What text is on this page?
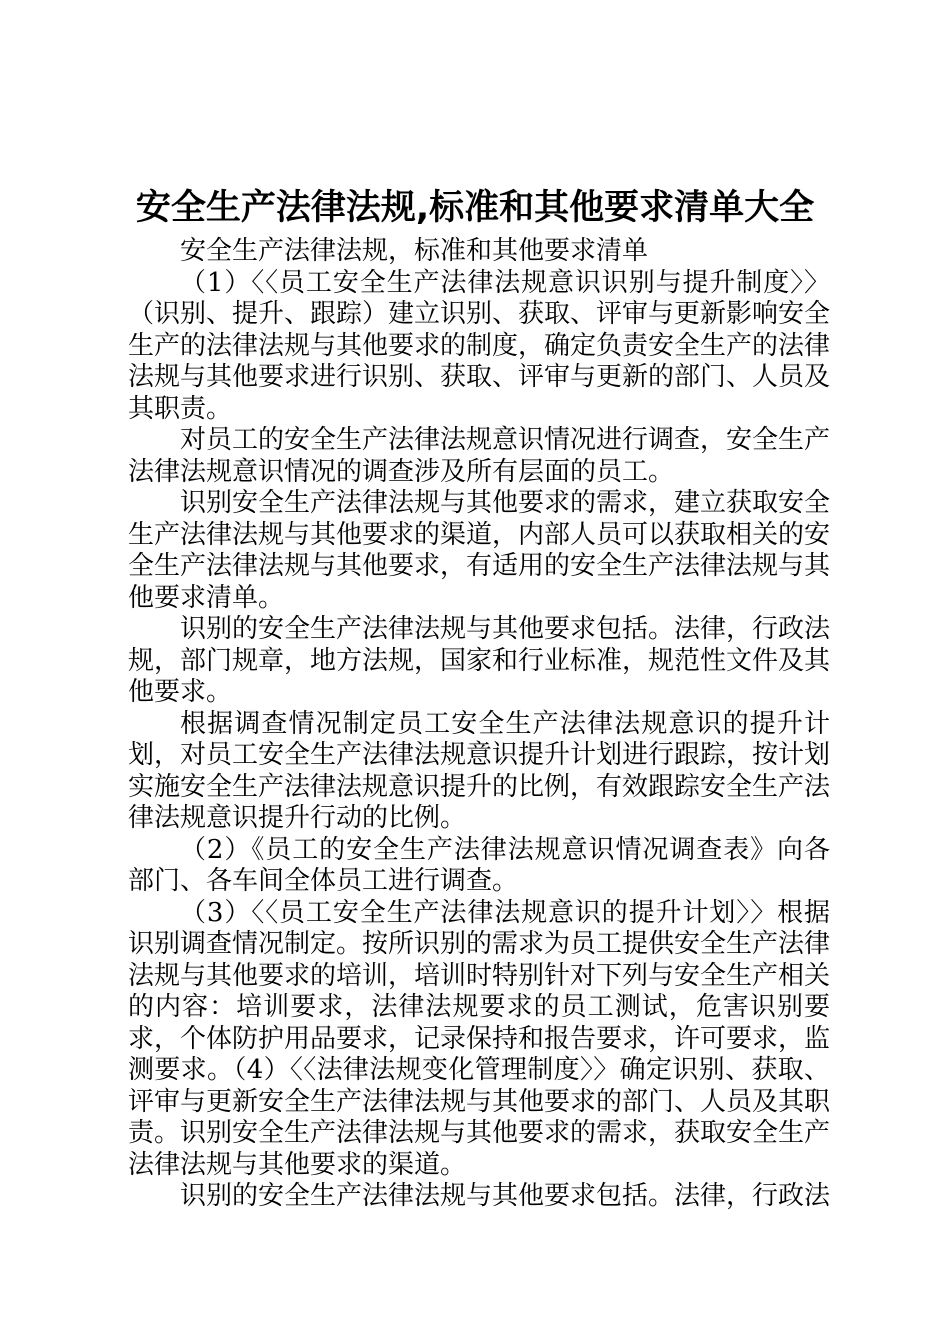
安全生产法律法规,标准和其他要求清单大全

安全生产法律法规，标准和其他要求清单

（1）〈〈员工安全生产法律法规意识识别与提升制度〉〉（识别、提升、跟踪）建立识别、获取、评审与更新影响安全生产的法律法规与其他要求的制度，确定负责安全生产的法律法规与其他要求进行识别、获取、评审与更新的部门、人员及其职责。

对员工的安全生产法律法规意识情况进行调查，安全生产法律法规意识情况的调查涉及所有层面的员工。

识别安全生产法律法规与其他要求的需求，建立获取安全生产法律法规与其他要求的渠道，内部人员可以获取相关的安全生产法律法规与其他要求，有适用的安全生产法律法规与其他要求清单。

识别的安全生产法律法规与其他要求包括。法律，行政法规，部门规章，地方法规，国家和行业标准，规范性文件及其他要求。

根据调查情况制定员工安全生产法律法规意识的提升计划，对员工安全生产法律法规意识提升计划进行跟踪，按计划实施安全生产法律法规意识提升的比例，有效跟踪安全生产法律法规意识提升行动的比例。

（2）《员工的安全生产法律法规意识情况调查表》向各部门、各车间全体员工进行调查。

（3）〈〈员工安全生产法律法规意识的提升计划〉〉根据识别调查情况制定。按所识别的需求为员工提供安全生产法律法规与其他要求的培训，培训时特别针对下列与安全生产相关的内容：培训要求，法律法规要求的员工测试，危害识别要求，个体防护用品要求，记录保持和报告要求，许可要求，监测要求。（4）〈〈法律法规变化管理制度〉〉确定识别、获取、评审与更新安全生产法律法规与其他要求的部门、人员及其职责。识别安全生产法律法规与其他要求的需求，获取安全生产法律法规与其他要求的渠道。

识别的安全生产法律法规与其他要求包括。法律，行政法
